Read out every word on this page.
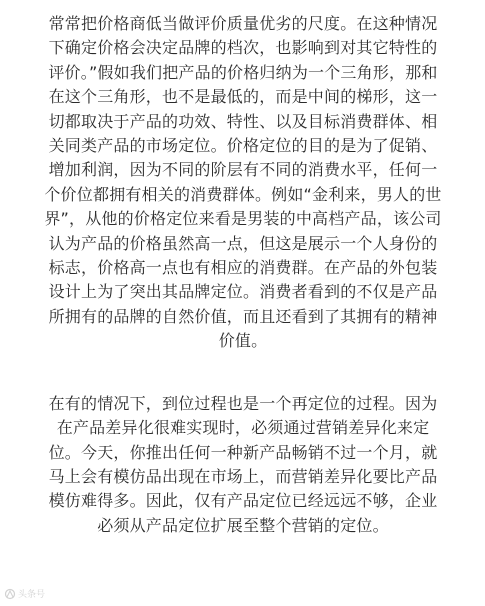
常常把价格商低当做评价质量优劣的尺度。在这种情况
下确定价格会决定品牌的档次，也影响到对其它特性的
评价。”假如我们把产品的价格归纳为一个三角形，那和
在这个三角形，也不是最低的，而是中间的梯形，这一
切都取决于产品的功效、特性、以及目标消费群体、相
关同类产品的市场定位。价格定位的目的是为了促销、
增加利润，因为不同的阶层有不同的消费水平，任何一
个价位都拥有相关的消费群体。例如“金利来，男人的世
界”，从他的价格定位来看是男装的中高档产品，该公司
认为产品的价格虽然高一点，但这是展示一个人身份的
标志，价格高一点也有相应的消费群。在产品的外包装
设计上为了突出其品牌定位。消费者看到的不仅是产品
所拥有的品牌的自然价值，而且还看到了其拥有的精神
价值。

在有的情况下，到位过程也是一个再定位的过程。因为
在产品差异化很难实现时，必须通过营销差异化来定
位。今天，你推出任何一种新产品畅销不过一个月，就
马上会有模仿品出现在市场上，而营销差异化要比产品
模仿难得多。因此，仅有产品定位已经远远不够，企业
必须从产品定位扩展至整个营销的定位。

头条号
